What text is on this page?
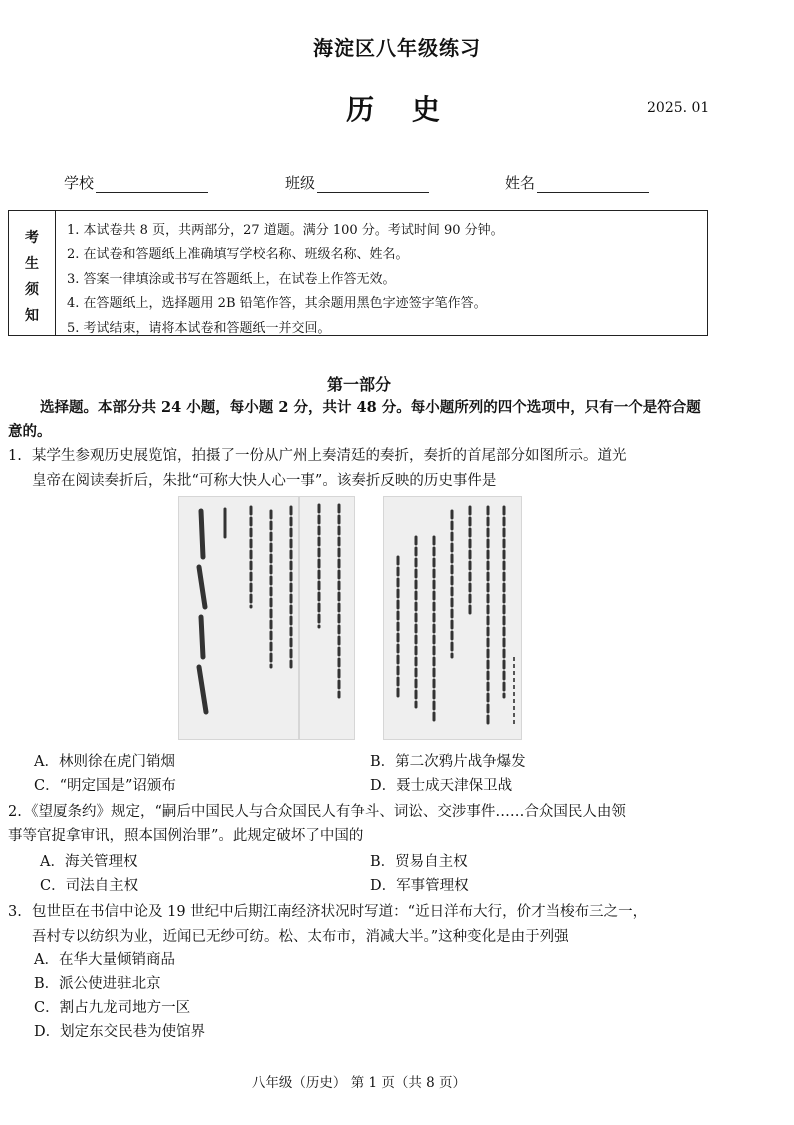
海淀区八年级练习
历 史	2025. 01
学校	班级	姓名
考
生
须
知
1. 本试卷共 8 页，共两部分，27 道题。满分 100 分。考试时间 90 分钟。
2. 在试卷和答题纸上准确填写学校名称、班级名称、姓名。
3. 答案一律填涂或书写在答题纸上，在试卷上作答无效。
4. 在答题纸上，选择题用 2B 铅笔作答，其余题用黑色字迹签字笔作答。
5. 考试结束，请将本试卷和答题纸一并交回。
第一部分
选择题。本部分共 24 小题，每小题 2 分，共计 48 分。每小题所列的四个选项中，只有一个是符合题意的。
1. 某学生参观历史展览馆，拍摄了一份从广州上奏清廷的奏折，奏折的首尾部分如图所示。道光
皇帝在阅读奏折后，朱批“可称大快人心一事”。该奏折反映的历史事件是
A．林则徐在虎门销烟	B．第二次鸦片战争爆发
C．“明定国是”诏颁布	D．聂士成天津保卫战
2. 《望厦条约》规定，“嗣后中国民人与合众国民人有争斗、词讼、交涉事件……合众国民人由领
事等官捉拿审讯，照本国例治罪”。此规定破坏了中国的
A．海关管理权	B．贸易自主权
C．司法自主权	D．军事管理权
3. 包世臣在书信中论及 19 世纪中后期江南经济状况时写道：“近日洋布大行，价才当梭布三之一，
吾村专以纺织为业，近闻已无纱可纺。松、太布市，消减大半。”这种变化是由于列强
A．在华大量倾销商品
B．派公使进驻北京
C．割占九龙司地方一区
D．划定东交民巷为使馆界
八年级（历史） 第 1 页（共 8 页）
